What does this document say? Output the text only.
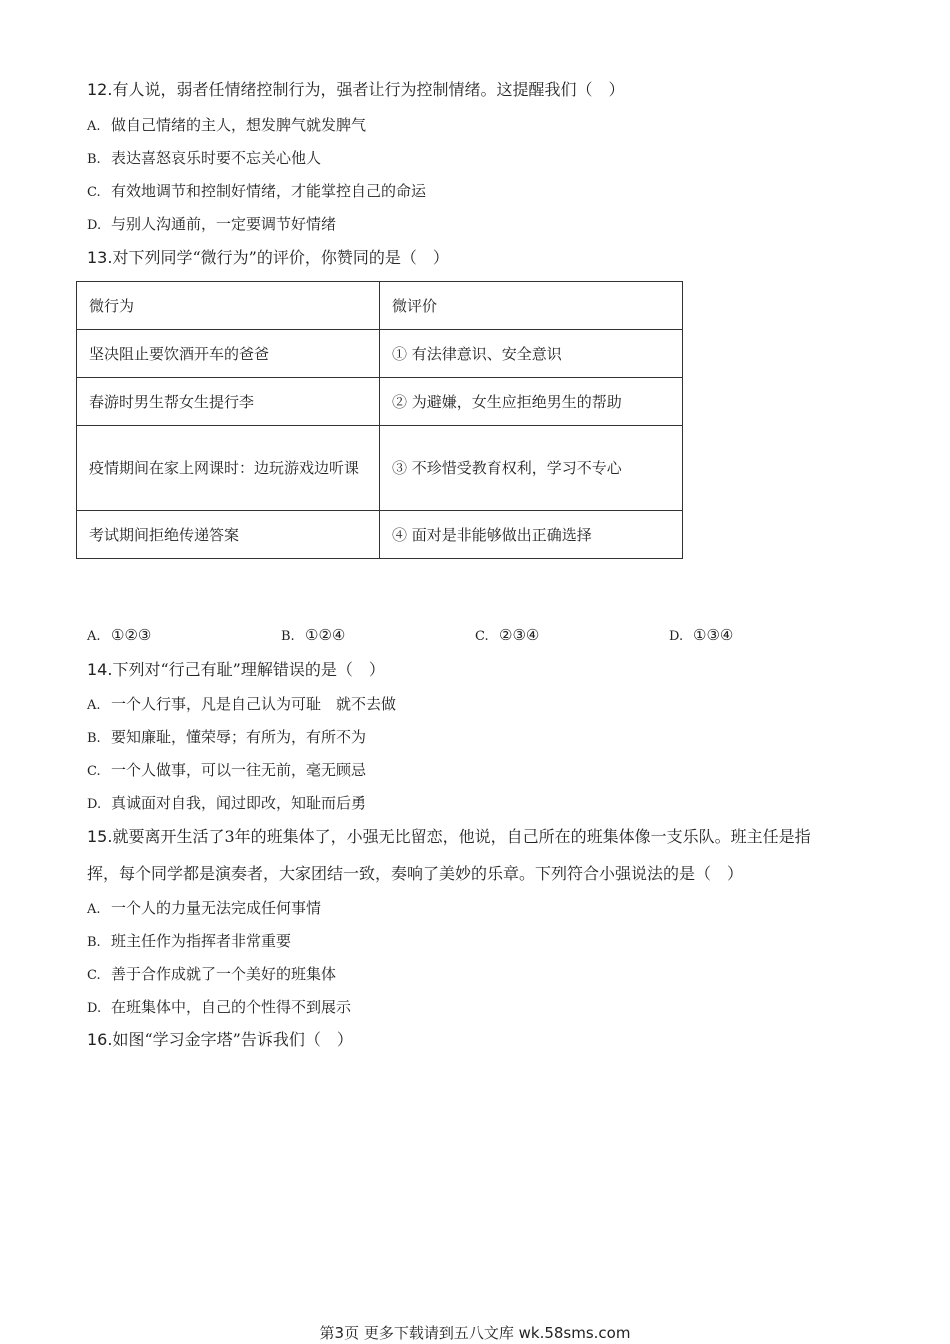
12.有人说，弱者任情绪控制行为，强者让行为控制情绪。这提醒我们（　）
A. 做自己情绪的主人，想发脾气就发脾气
B. 表达喜怒哀乐时要不忘关心他人
C. 有效地调节和控制好情绪，才能掌控自己的命运
D. 与别人沟通前，一定要调节好情绪
13.对下列同学“微行为”的评价，你赞同的是（　）
微行为	微评价
坚决阻止要饮酒开车的爸爸	① 有法律意识、安全意识
春游时男生帮女生提行李	② 为避嫌，女生应拒绝男生的帮助
疫情期间在家上网课时：边玩游戏边听课	③ 不珍惜受教育权利，学习不专心
考试期间拒绝传递答案	④ 面对是非能够做出正确选择
A. ①②③	B. ①②④	C. ②③④	D. ①③④
14.下列对“行己有耻”理解错误的是（　）
A. 一个人行事，凡是自己认为可耻　就不去做
B. 要知廉耻，懂荣辱；有所为，有所不为
C. 一个人做事，可以一往无前，毫无顾忌
D. 真诚面对自我，闻过即改，知耻而后勇
15.就要离开生活了3年的班集体了，小强无比留恋，他说，自己所在的班集体像一支乐队。班主任是指
挥，每个同学都是演奏者，大家团结一致，奏响了美妙的乐章。下列符合小强说法的是（　）
A. 一个人的力量无法完成任何事情
B. 班主任作为指挥者非常重要
C. 善于合作成就了一个美好的班集体
D. 在班集体中，自己的个性得不到展示
16.如图“学习金字塔”告诉我们（　）
第3页 更多下载请到五八文库 wk.58sms.com
